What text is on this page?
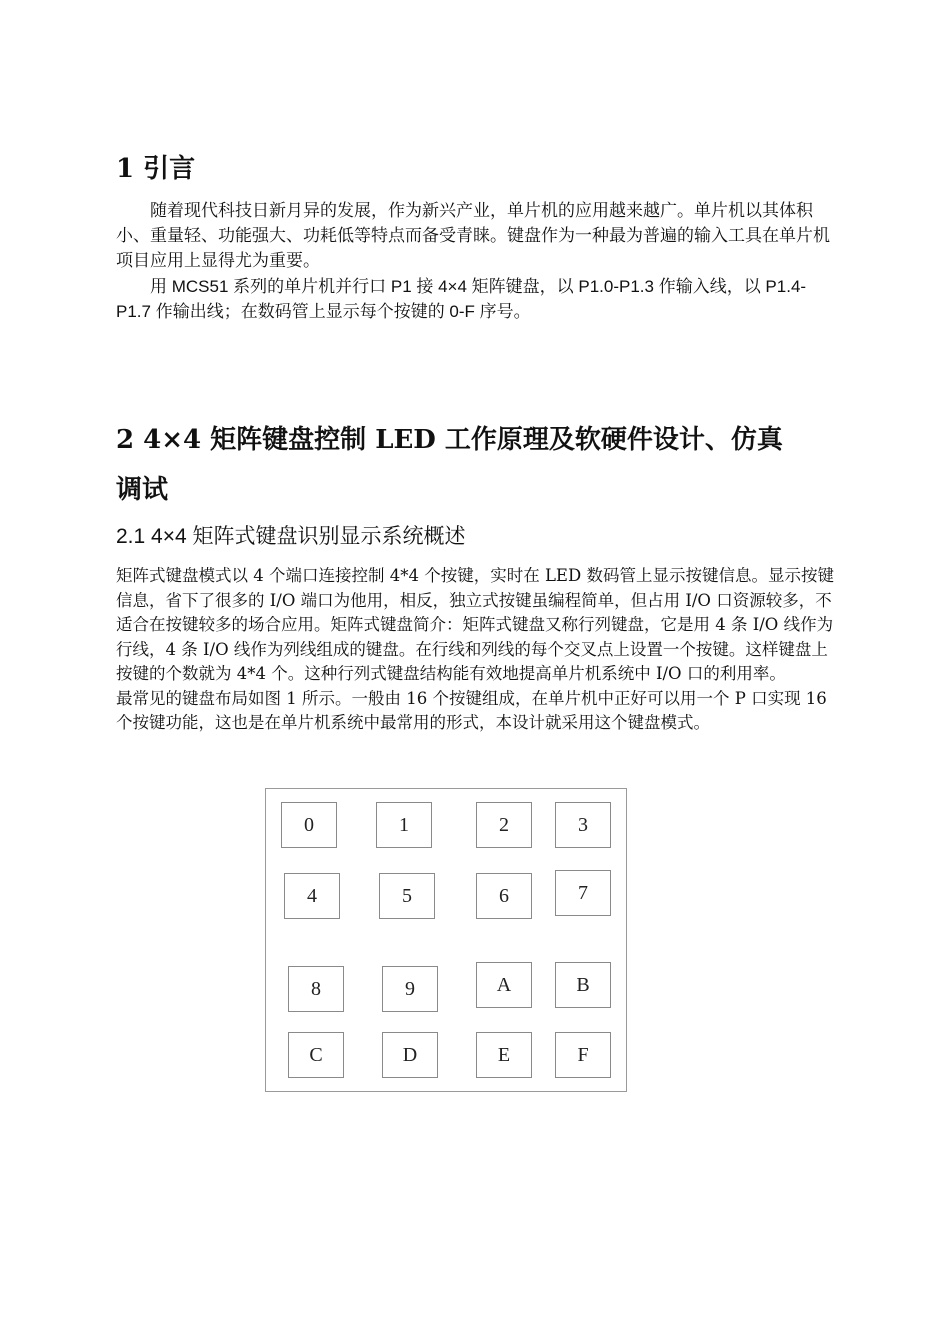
1 引言

随着现代科技日新月异的发展，作为新兴产业，单片机的应用越来越广。单片机以其体积小、重量轻、功能强大、功耗低等特点而备受青睐。键盘作为一种最为普遍的输入工具在单片机项目应用上显得尤为重要。

用 MCS51 系列的单片机并行口 P1 接 4×4 矩阵键盘，以 P1.0-P1.3 作输入线，以 P1.4-P1.7 作输出线；在数码管上显示每个按键的 0-F 序号。

2 4×4 矩阵键盘控制 LED 工作原理及软硬件设计、仿真
调试
2.1 4×4 矩阵式键盘识别显示系统概述

矩阵式键盘模式以 4 个端口连接控制 4*4 个按键，实时在 LED 数码管上显示按键信息。显示按键信息，省下了很多的 I/O 端口为他用，相反，独立式按键虽编程简单，但占用 I/O 口资源较多，不适合在按键较多的场合应用。矩阵式键盘简介：矩阵式键盘又称行列键盘，它是用 4 条 I/O 线作为行线，4 条 I/O 线作为列线组成的键盘。在行线和列线的每个交叉点上设置一个按键。这样键盘上按键的个数就为 4*4 个。这种行列式键盘结构能有效地提高单片机系统中 I/O 口的利用率。

最常见的键盘布局如图 1 所示。一般由 16 个按键组成，在单片机中正好可以用一个 P 口实现 16 个按键功能，这也是在单片机系统中最常用的形式，本设计就采用这个键盘模式。

0	1	2	3
4	5	6	7
8	9	A	B
C	D	E	F
